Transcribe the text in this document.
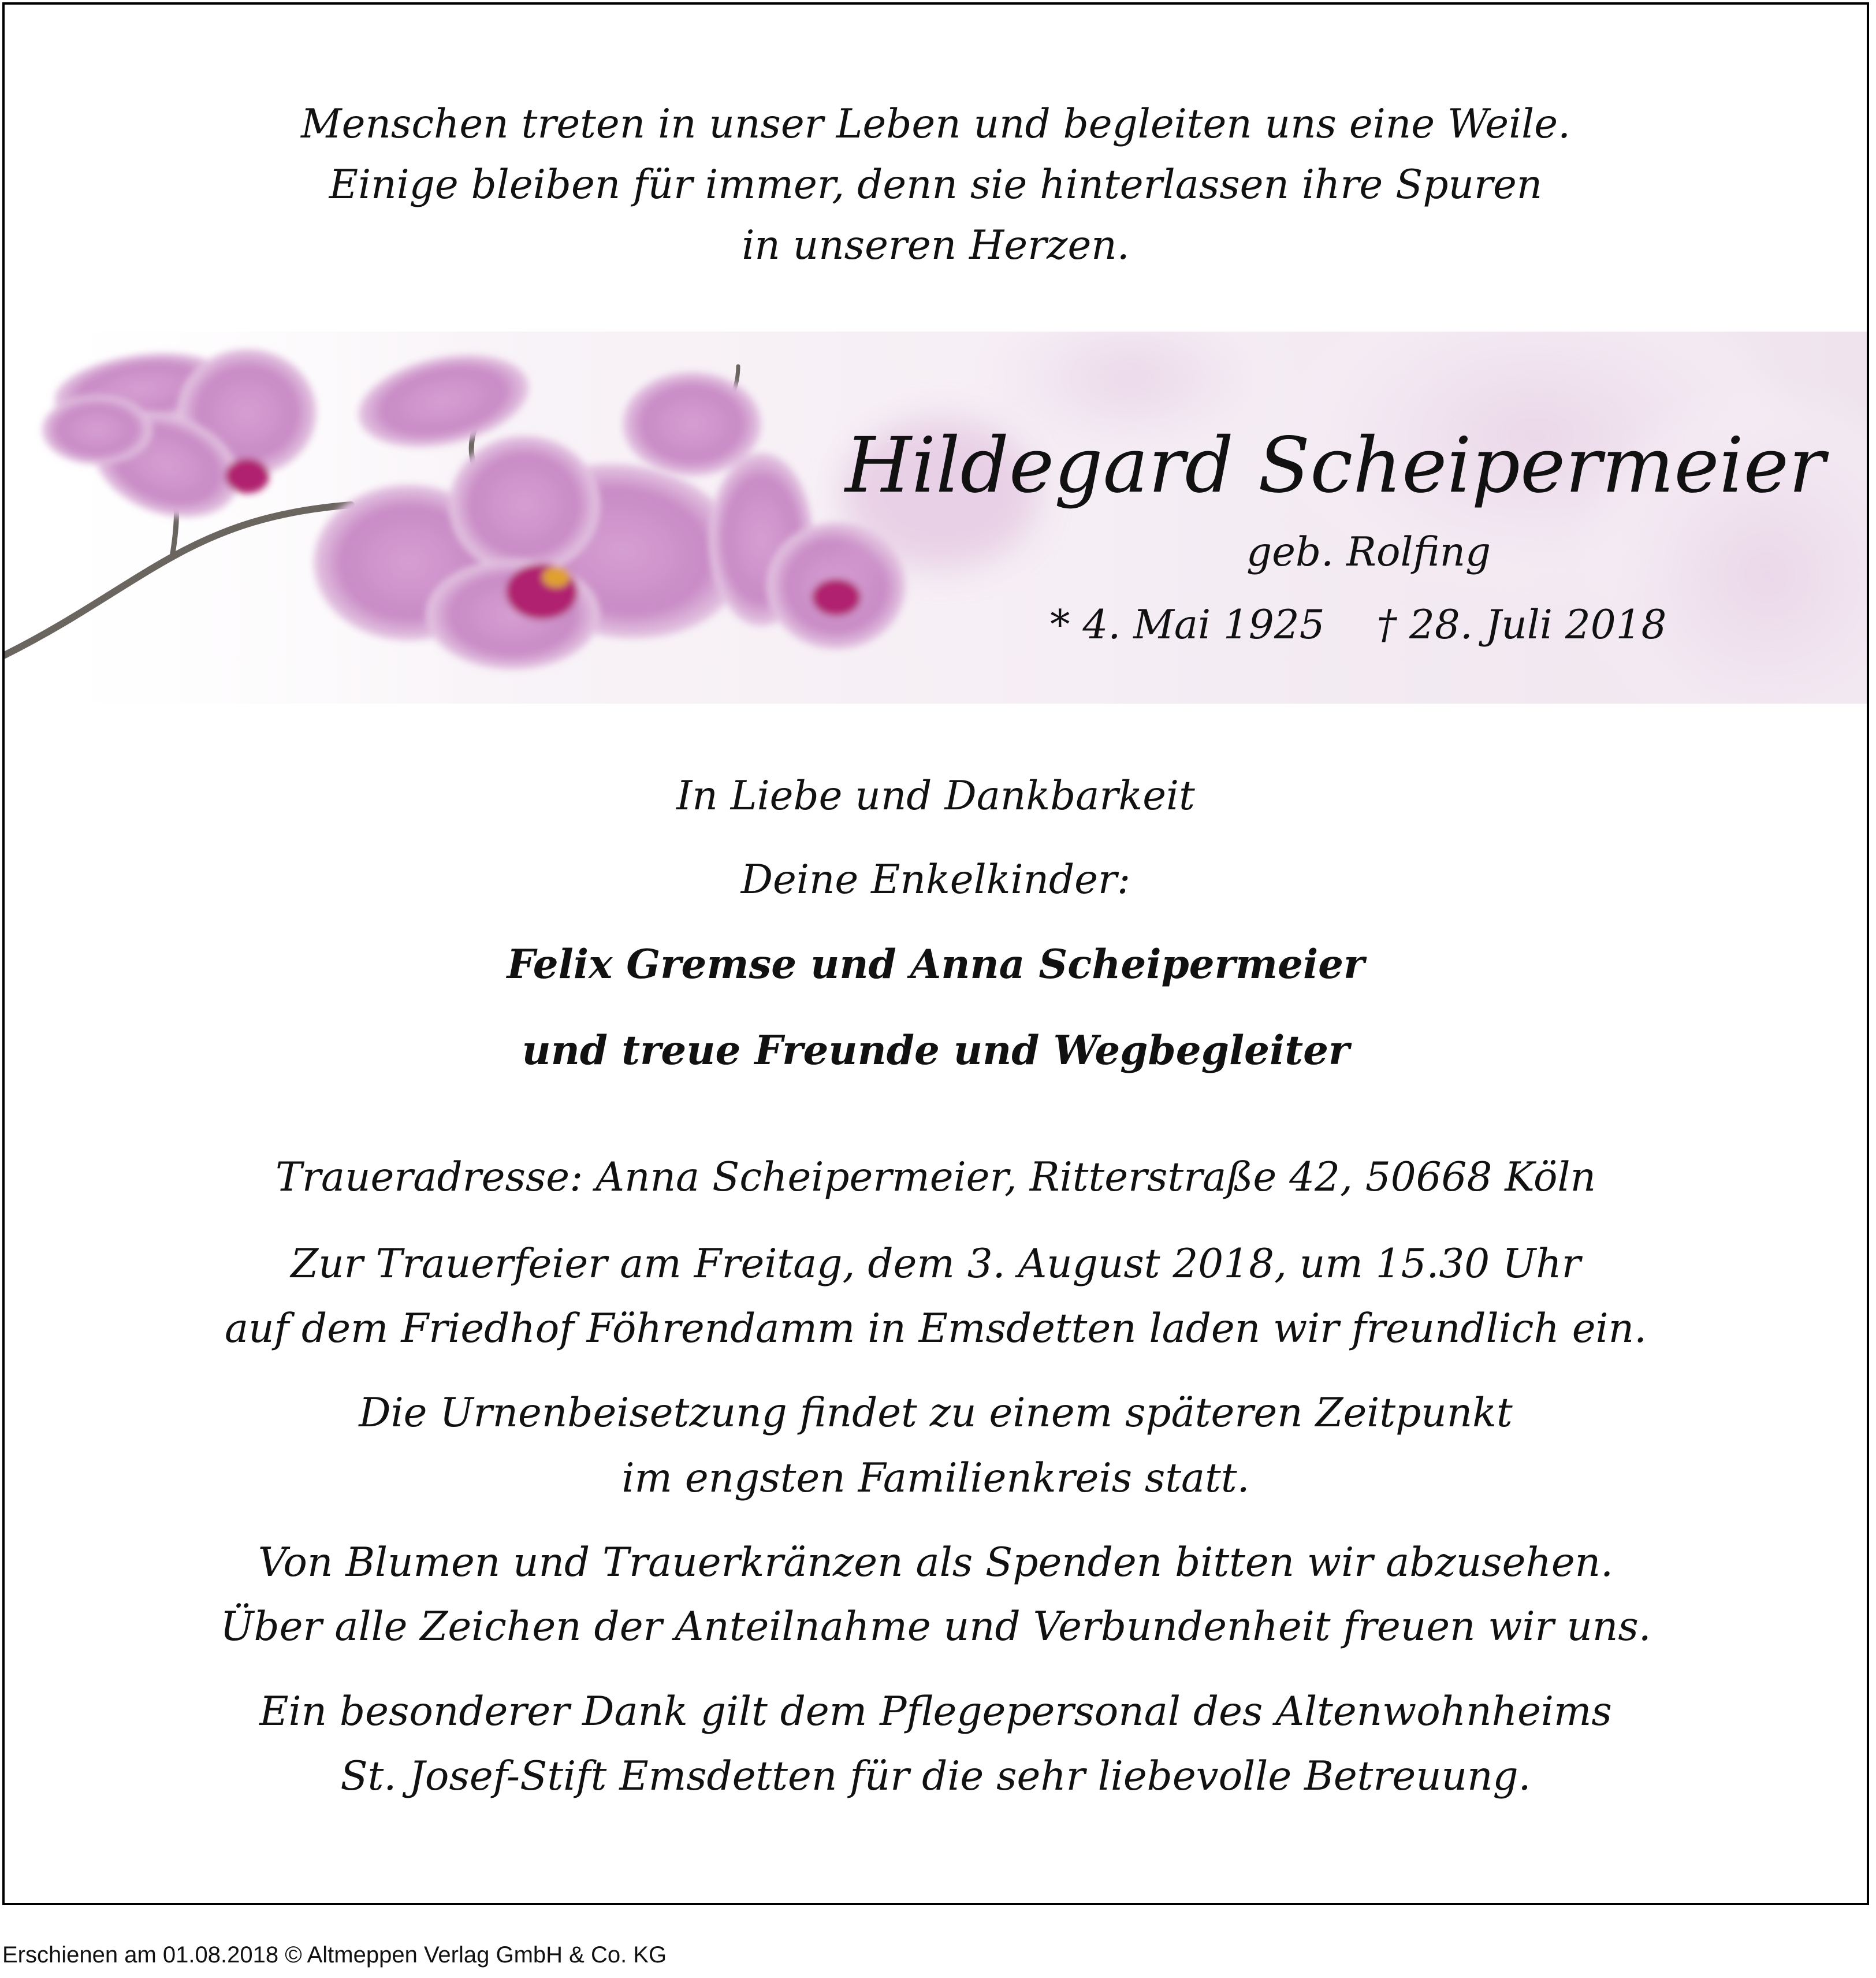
Menschen treten in unser Leben und begleiten uns eine Weile.
Einige bleiben für immer, denn sie hinterlassen ihre Spuren
in unseren Herzen.
Hildegard Scheipermeier
geb. Rolfing
* 4. Mai 1925 † 28. Juli 2018
In Liebe und Dankbarkeit
Deine Enkelkinder:
Felix Gremse und Anna Scheipermeier
und treue Freunde und Wegbegleiter
Traueradresse: Anna Scheipermeier, Ritterstraße 42, 50668 Köln
Zur Trauerfeier am Freitag, dem 3. August 2018, um 15.30 Uhr
auf dem Friedhof Föhrendamm in Emsdetten laden wir freundlich ein.
Die Urnenbeisetzung findet zu einem späteren Zeitpunkt
im engsten Familienkreis statt.
Von Blumen und Trauerkränzen als Spenden bitten wir abzusehen.
Über alle Zeichen der Anteilnahme und Verbundenheit freuen wir uns.
Ein besonderer Dank gilt dem Pflegepersonal des Altenwohnheims
St. Josef-Stift Emsdetten für die sehr liebevolle Betreuung.
Erschienen am 01.08.2018 © Altmeppen Verlag GmbH & Co. KG
